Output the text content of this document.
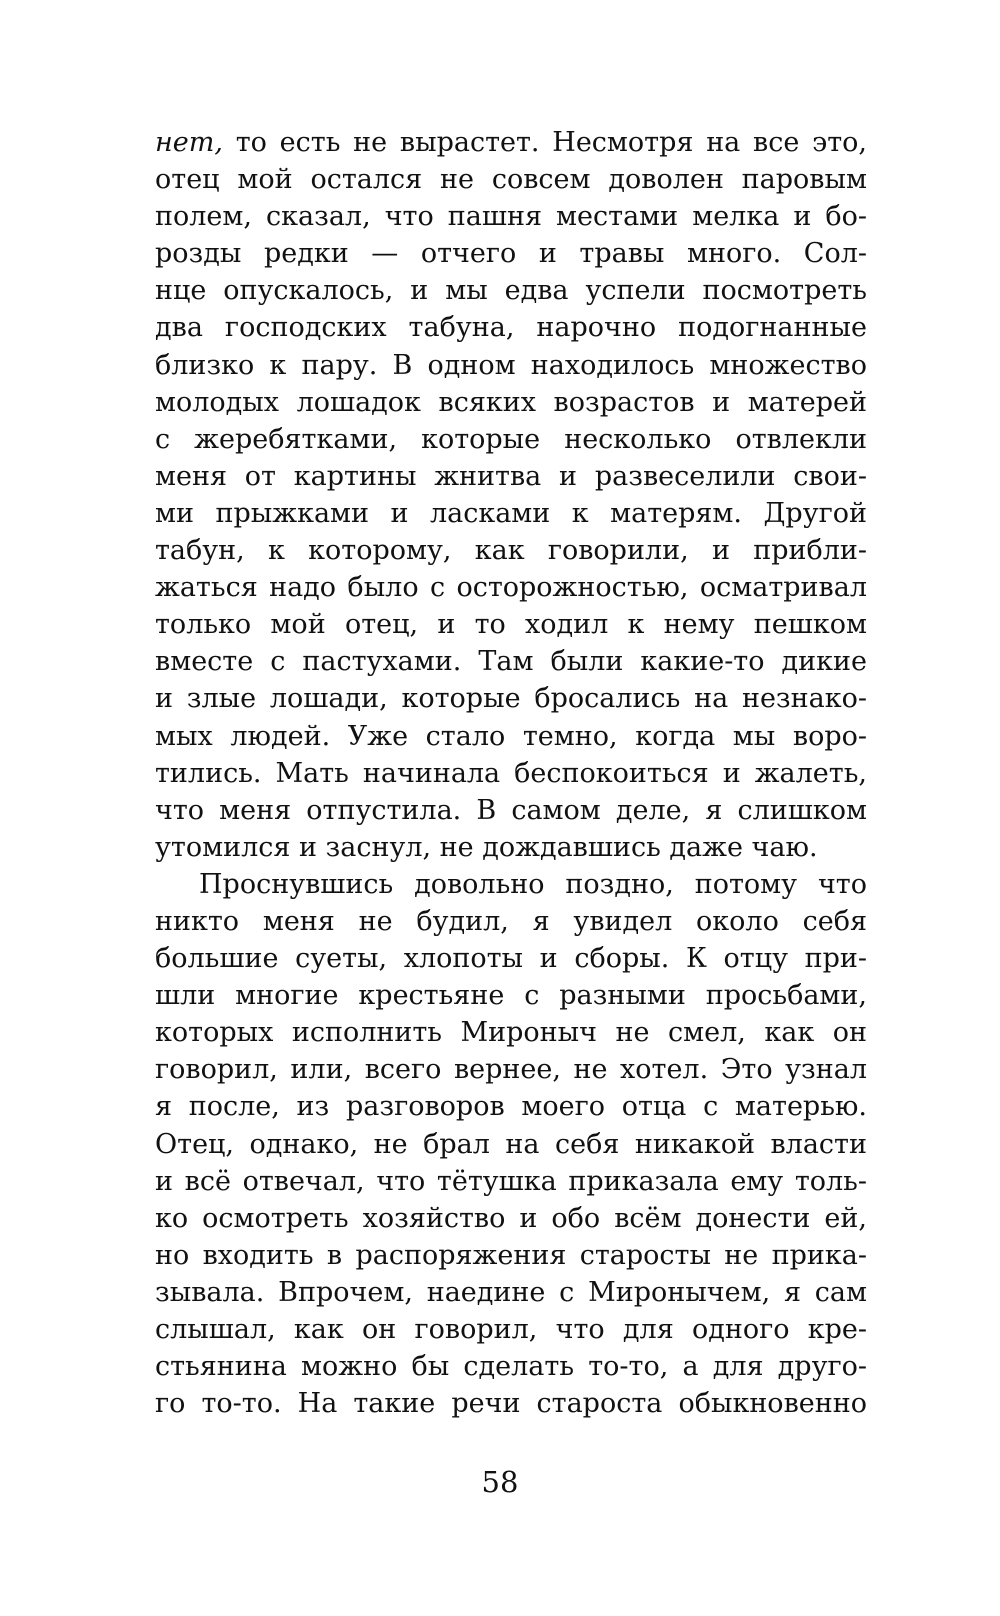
нет, то есть не вырастет. Несмотря на все это,
отец мой остался не совсем доволен паровым
полем, сказал, что пашня местами мелка и бо-
розды редки — отчего и травы много. Сол-
нце опускалось, и мы едва успели посмотреть
два господских табуна, нарочно подогнанные
близко к пару. В одном находилось множество
молодых лошадок всяких возрастов и матерей
с жеребятками, которые несколько отвлекли
меня от картины жнитва и развеселили свои-
ми прыжками и ласками к матерям. Другой
табун, к которому, как говорили, и прибли-
жаться надо было с осторожностью, осматривал
только мой отец, и то ходил к нему пешком
вместе с пастухами. Там были какие-то дикие
и злые лошади, которые бросались на незнако-
мых людей. Уже стало темно, когда мы воро-
тились. Мать начинала беспокоиться и жалеть,
что меня отпустила. В самом деле, я слишком
утомился и заснул, не дождавшись даже чаю.
Проснувшись довольно поздно, потому что
никто меня не будил, я увидел около себя
большие суеты, хлопоты и сборы. К отцу при-
шли многие крестьяне с разными просьбами,
которых исполнить Мироныч не смел, как он
говорил, или, всего вернее, не хотел. Это узнал
я после, из разговоров моего отца с матерью.
Отец, однако, не брал на себя никакой власти
и всё отвечал, что тётушка приказала ему толь-
ко осмотреть хозяйство и обо всём донести ей,
но входить в распоряжения старосты не прика-
зывала. Впрочем, наедине с Миронычем, я сам
слышал, как он говорил, что для одного кре-
стьянина можно бы сделать то-то, а для друго-
го то-то. На такие речи староста обыкновенно
58
